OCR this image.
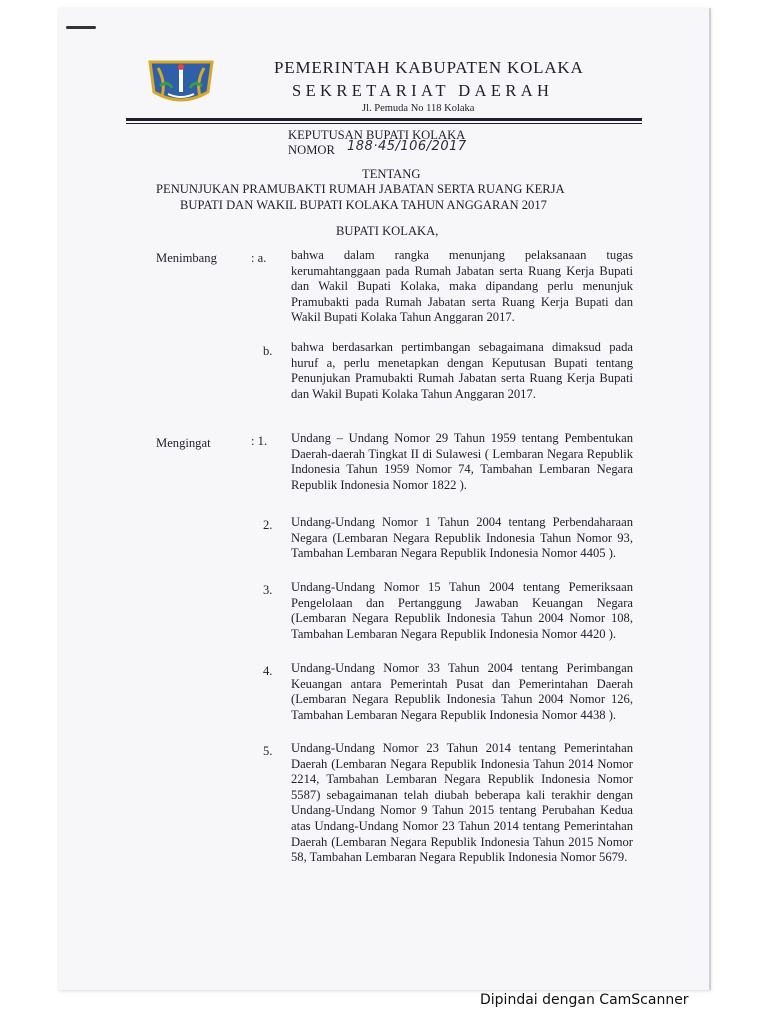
PEMERINTAH KABUPATEN KOLAKA
SEKRETARIAT DAERAH
Jl. Pemuda No 118 Kolaka
KEPUTUSAN BUPATI KOLAKA
NOMOR 188·45/106/2017
TENTANG
PENUNJUKAN PRAMUBAKTI RUMAH JABATAN SERTA RUANG KERJA
BUPATI DAN WAKIL BUPATI KOLAKA TAHUN ANGGARAN 2017
BUPATI KOLAKA,
Menimbang	: a. bahwa dalam rangka menunjang pelaksanaan tugas kerumahtanggaan pada Rumah Jabatan serta Ruang Kerja Bupati dan Wakil Bupati Kolaka, maka dipandang perlu menunjuk Pramubakti pada Rumah Jabatan serta Ruang Kerja Bupati dan Wakil Bupati Kolaka Tahun Anggaran 2017.
b. bahwa berdasarkan pertimbangan sebagaimana dimaksud pada huruf a, perlu menetapkan dengan Keputusan Bupati tentang Penunjukan Pramubakti Rumah Jabatan serta Ruang Kerja Bupati dan Wakil Bupati Kolaka Tahun Anggaran 2017.
Mengingat	: 1. Undang – Undang Nomor 29 Tahun 1959 tentang Pembentukan Daerah-daerah Tingkat II di Sulawesi ( Lembaran Negara Republik Indonesia Tahun 1959 Nomor 74, Tambahan Lembaran Negara Republik Indonesia Nomor 1822 ).
2. Undang-Undang Nomor 1 Tahun 2004 tentang Perbendaharaan Negara (Lembaran Negara Republik Indonesia Tahun Nomor 93, Tambahan Lembaran Negara Republik Indonesia Nomor 4405 ).
3. Undang-Undang Nomor 15 Tahun 2004 tentang Pemeriksaan Pengelolaan dan Pertanggung Jawaban Keuangan Negara (Lembaran Negara Republik Indonesia Tahun 2004 Nomor 108, Tambahan Lembaran Negara Republik Indonesia Nomor 4420 ).
4. Undang-Undang Nomor 33 Tahun 2004 tentang Perimbangan Keuangan antara Pemerintah Pusat dan Pemerintahan Daerah (Lembaran Negara Republik Indonesia Tahun 2004 Nomor 126, Tambahan Lembaran Negara Republik Indonesia Nomor 4438 ).
5. Undang-Undang Nomor 23 Tahun 2014 tentang Pemerintahan Daerah (Lembaran Negara Republik Indonesia Tahun 2014 Nomor 2214, Tambahan Lembaran Negara Republik Indonesia Nomor 5587) sebagaimanan telah diubah beberapa kali terakhir dengan Undang-Undang Nomor 9 Tahun 2015 tentang Perubahan Kedua atas Undang-Undang Nomor 23 Tahun 2014 tentang Pemerintahan Daerah (Lembaran Negara Republik Indonesia Tahun 2015 Nomor 58, Tambahan Lembaran Negara Republik Indonesia Nomor 5679.
Dipindai dengan CamScanner
